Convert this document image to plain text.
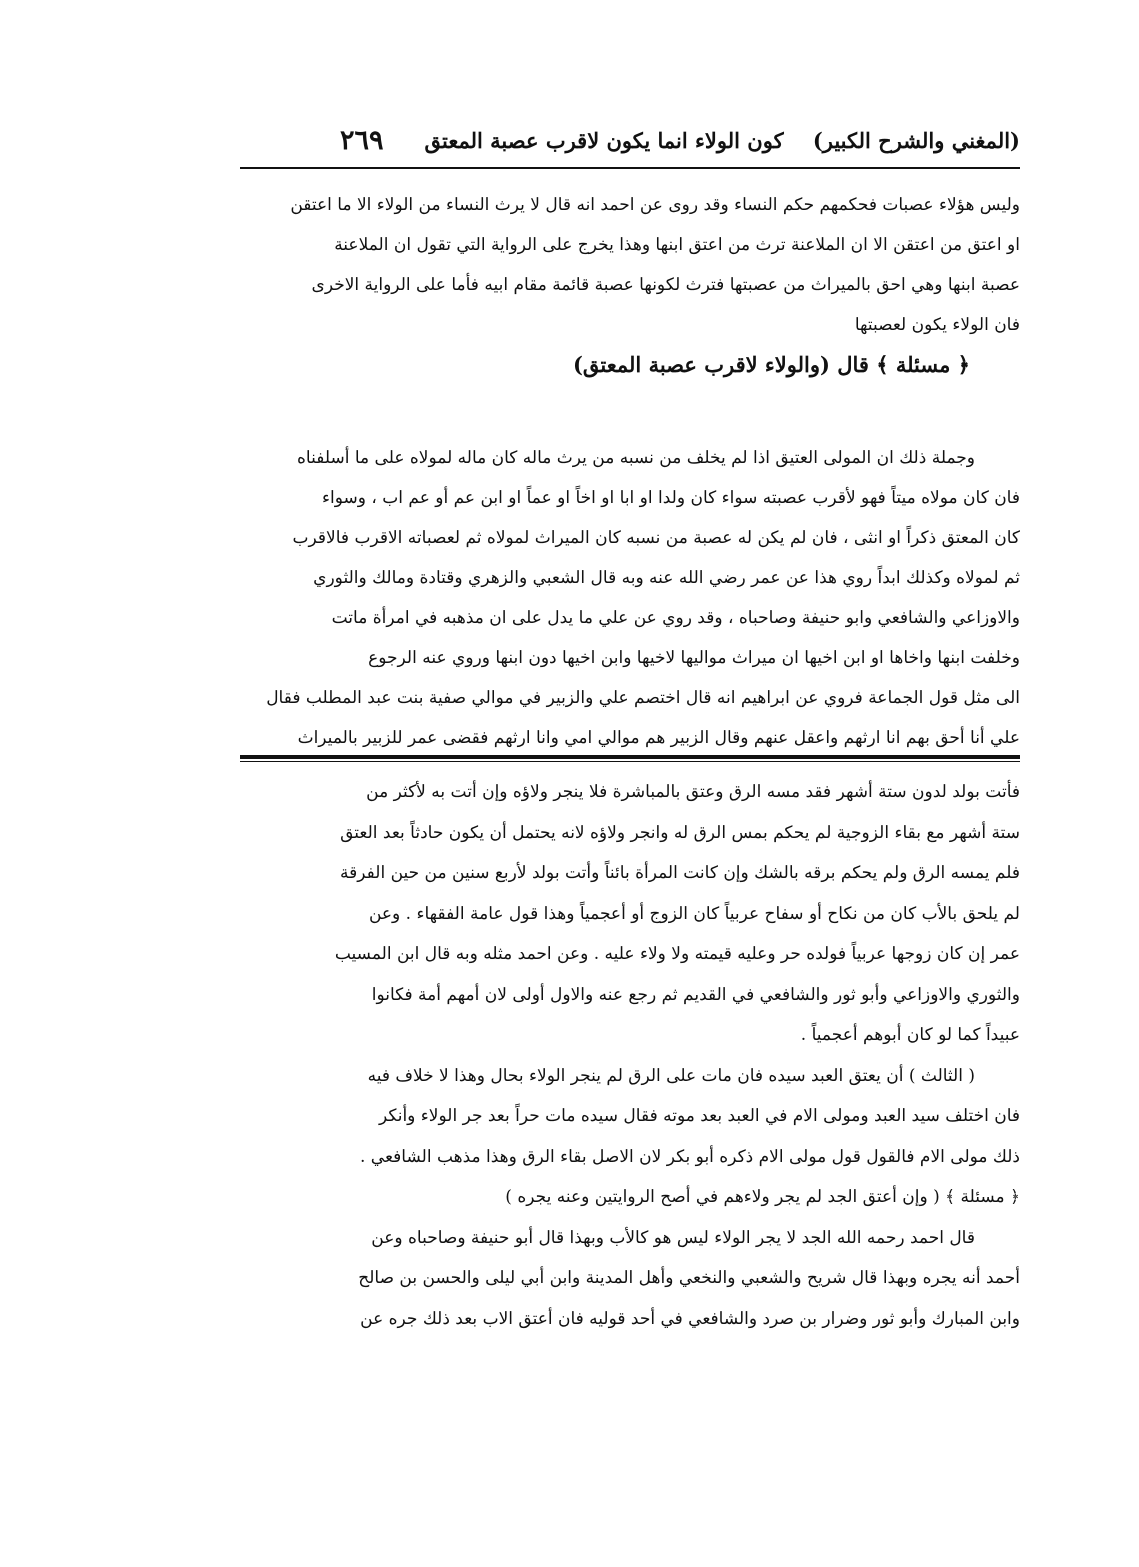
(المغني والشرح الكبير)    كون الولاء انما يكون لاقرب عصبة المعتق
٢٦٩
وليس هؤلاء عصبات فحكمهم حكم النساء وقد روى عن احمد انه قال لا يرث النساء من الولاء الا ما اعتقن
او اعتق من اعتقن الا ان الملاعنة ترث من اعتق ابنها وهذا يخرج على الرواية التي تقول ان الملاعنة
عصبة ابنها وهي احق بالميراث من عصبتها فترث لكونها عصبة قائمة مقام ابيه فأما على الرواية الاخرى
فان الولاء يكون لعصبتها
﴿ مسئلة ﴾ قال (والولاء لاقرب عصبة المعتق)
وجملة ذلك ان المولى العتيق اذا لم يخلف من نسبه من يرث ماله كان ماله لمولاه على ما أسلفناه
فان كان مولاه ميتاً فهو لأقرب عصبته سواء كان ولدا او ابا او اخاً او عماً او ابن عم أو عم اب ، وسواء
كان المعتق ذكراً او انثى ، فان لم يكن له عصبة من نسبه كان الميراث لمولاه ثم لعصباته الاقرب فالاقرب
ثم لمولاه وكذلك ابداً روي هذا عن عمر رضي الله عنه وبه قال الشعبي والزهري وقتادة ومالك والثوري
والاوزاعي والشافعي وابو حنيفة وصاحباه ، وقد روي عن علي ما يدل على ان مذهبه في امرأة ماتت
وخلفت ابنها واخاها او ابن اخيها ان ميراث مواليها لاخيها وابن اخيها دون ابنها وروي عنه الرجوع
الى مثل قول الجماعة فروي عن ابراهيم انه قال اختصم علي والزبير في موالي صفية بنت عبد المطلب فقال
علي أنا أحق بهم انا ارثهم واعقل عنهم وقال الزبير هم موالي امي وانا ارثهم فقضى عمر للزبير بالميراث
فأتت بولد لدون ستة أشهر فقد مسه الرق وعتق بالمباشرة فلا ينجر ولاؤه وإن أتت به لأكثر من
ستة أشهر مع بقاء الزوجية لم يحكم بمس الرق له وانجر ولاؤه لانه يحتمل أن يكون حادثاً بعد العتق
فلم يمسه الرق ولم يحكم برقه بالشك وإن كانت المرأة بائناً وأتت بولد لأربع سنين من حين الفرقة
لم يلحق بالأب كان من نكاح أو سفاح عربياً كان الزوج أو أعجمياً وهذا قول عامة الفقهاء . وعن
عمر إن كان زوجها عربياً فولده حر وعليه قيمته ولا ولاء عليه . وعن احمد مثله وبه قال ابن المسيب
والثوري والاوزاعي وأبو ثور والشافعي في القديم ثم رجع عنه والاول أولى لان أمهم أمة فكانوا
عبيداً كما لو كان أبوهم أعجمياً .
( الثالث ) أن يعتق العبد سيده فان مات على الرق لم ينجر الولاء بحال وهذا لا خلاف فيه
فان اختلف سيد العبد ومولى الام في العبد بعد موته فقال سيده مات حراً بعد جر الولاء وأنكر
ذلك مولى الام فالقول قول مولى الام ذكره أبو بكر لان الاصل بقاء الرق وهذا مذهب الشافعي .
﴿ مسئلة ﴾ ( وإن أعتق الجد لم يجر ولاءهم في أصح الروايتين وعنه يجره )
قال احمد رحمه الله الجد لا يجر الولاء ليس هو كالأب وبهذا قال أبو حنيفة وصاحباه وعن
أحمد أنه يجره وبهذا قال شريح والشعبي والنخعي وأهل المدينة وابن أبي ليلى والحسن بن صالح
وابن المبارك وأبو ثور وضرار بن صرد والشافعي في أحد قوليه فان أعتق الاب بعد ذلك جره عن
